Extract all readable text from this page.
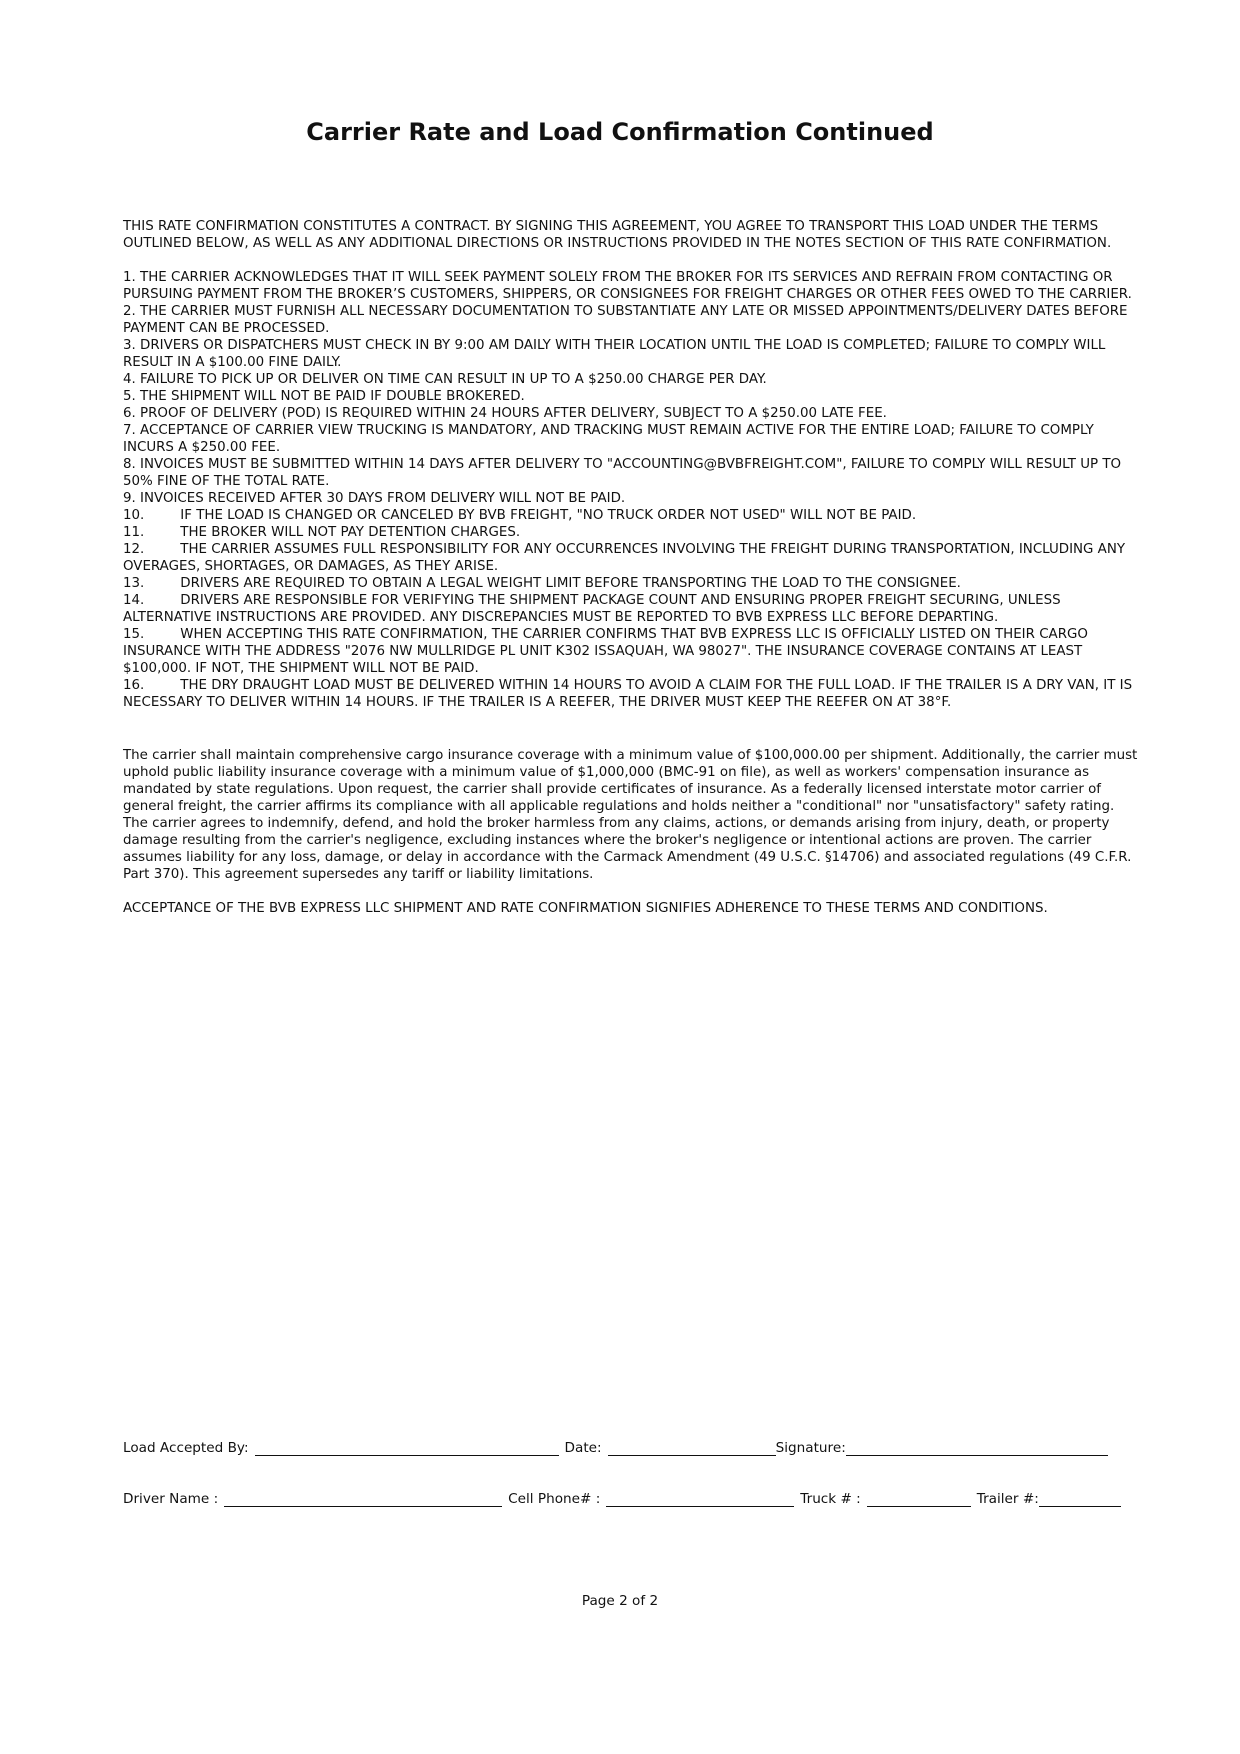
Carrier Rate and Load Confirmation Continued

THIS RATE CONFIRMATION CONSTITUTES A CONTRACT. BY SIGNING THIS AGREEMENT, YOU AGREE TO TRANSPORT THIS LOAD UNDER THE TERMS OUTLINED BELOW, AS WELL AS ANY ADDITIONAL DIRECTIONS OR INSTRUCTIONS PROVIDED IN THE NOTES SECTION OF THIS RATE CONFIRMATION.

1. THE CARRIER ACKNOWLEDGES THAT IT WILL SEEK PAYMENT SOLELY FROM THE BROKER FOR ITS SERVICES AND REFRAIN FROM CONTACTING OR PURSUING PAYMENT FROM THE BROKER’S CUSTOMERS, SHIPPERS, OR CONSIGNEES FOR FREIGHT CHARGES OR OTHER FEES OWED TO THE CARRIER.

2. THE CARRIER MUST FURNISH ALL NECESSARY DOCUMENTATION TO SUBSTANTIATE ANY LATE OR MISSED APPOINTMENTS/DELIVERY DATES BEFORE PAYMENT CAN BE PROCESSED.

3. DRIVERS OR DISPATCHERS MUST CHECK IN BY 9:00 AM DAILY WITH THEIR LOCATION UNTIL THE LOAD IS COMPLETED; FAILURE TO COMPLY WILL RESULT IN A $100.00 FINE DAILY.

4. FAILURE TO PICK UP OR DELIVER ON TIME CAN RESULT IN UP TO A $250.00 CHARGE PER DAY.

5. THE SHIPMENT WILL NOT BE PAID IF DOUBLE BROKERED.

6. PROOF OF DELIVERY (POD) IS REQUIRED WITHIN 24 HOURS AFTER DELIVERY, SUBJECT TO A $250.00 LATE FEE.

7. ACCEPTANCE OF CARRIER VIEW TRUCKING IS MANDATORY, AND TRACKING MUST REMAIN ACTIVE FOR THE ENTIRE LOAD; FAILURE TO COMPLY INCURS A $250.00 FEE.

8. INVOICES MUST BE SUBMITTED WITHIN 14 DAYS AFTER DELIVERY TO "ACCOUNTING@BVBFREIGHT.COM", FAILURE TO COMPLY WILL RESULT UP TO 50% FINE OF THE TOTAL RATE.

9. INVOICES RECEIVED AFTER 30 DAYS FROM DELIVERY WILL NOT BE PAID.

10.	IF THE LOAD IS CHANGED OR CANCELED BY BVB FREIGHT, "NO TRUCK ORDER NOT USED" WILL NOT BE PAID.

11.	THE BROKER WILL NOT PAY DETENTION CHARGES.

12.	THE CARRIER ASSUMES FULL RESPONSIBILITY FOR ANY OCCURRENCES INVOLVING THE FREIGHT DURING TRANSPORTATION, INCLUDING ANY OVERAGES, SHORTAGES, OR DAMAGES, AS THEY ARISE.

13.	DRIVERS ARE REQUIRED TO OBTAIN A LEGAL WEIGHT LIMIT BEFORE TRANSPORTING THE LOAD TO THE CONSIGNEE.

14.	DRIVERS ARE RESPONSIBLE FOR VERIFYING THE SHIPMENT PACKAGE COUNT AND ENSURING PROPER FREIGHT SECURING, UNLESS ALTERNATIVE INSTRUCTIONS ARE PROVIDED. ANY DISCREPANCIES MUST BE REPORTED TO BVB EXPRESS LLC BEFORE DEPARTING.

15.	WHEN ACCEPTING THIS RATE CONFIRMATION, THE CARRIER CONFIRMS THAT BVB EXPRESS LLC IS OFFICIALLY LISTED ON THEIR CARGO INSURANCE WITH THE ADDRESS "2076 NW MULLRIDGE PL UNIT K302 ISSAQUAH, WA 98027". THE INSURANCE COVERAGE CONTAINS AT LEAST $100,000. IF NOT, THE SHIPMENT WILL NOT BE PAID.

16.	THE DRY DRAUGHT LOAD MUST BE DELIVERED WITHIN 14 HOURS TO AVOID A CLAIM FOR THE FULL LOAD. IF THE TRAILER IS A DRY VAN, IT IS NECESSARY TO DELIVER WITHIN 14 HOURS. IF THE TRAILER IS A REEFER, THE DRIVER MUST KEEP THE REEFER ON AT 38°F.

The carrier shall maintain comprehensive cargo insurance coverage with a minimum value of $100,000.00 per shipment. Additionally, the carrier must uphold public liability insurance coverage with a minimum value of $1,000,000 (BMC-91 on file), as well as workers' compensation insurance as mandated by state regulations. Upon request, the carrier shall provide certificates of insurance. As a federally licensed interstate motor carrier of general freight, the carrier affirms its compliance with all applicable regulations and holds neither a "conditional" nor "unsatisfactory" safety rating. The carrier agrees to indemnify, defend, and hold the broker harmless from any claims, actions, or demands arising from injury, death, or property damage resulting from the carrier's negligence, excluding instances where the broker's negligence or intentional actions are proven. The carrier assumes liability for any loss, damage, or delay in accordance with the Carmack Amendment (49 U.S.C. §14706) and associated regulations (49 C.F.R. Part 370). This agreement supersedes any tariff or liability limitations.

ACCEPTANCE OF THE BVB EXPRESS LLC SHIPMENT AND RATE CONFIRMATION SIGNIFIES ADHERENCE TO THESE TERMS AND CONDITIONS.

Load Accepted By:	Date:	Signature:
Driver Name :	Cell Phone# :	Truck # :	Trailer #:
Page 2 of 2
